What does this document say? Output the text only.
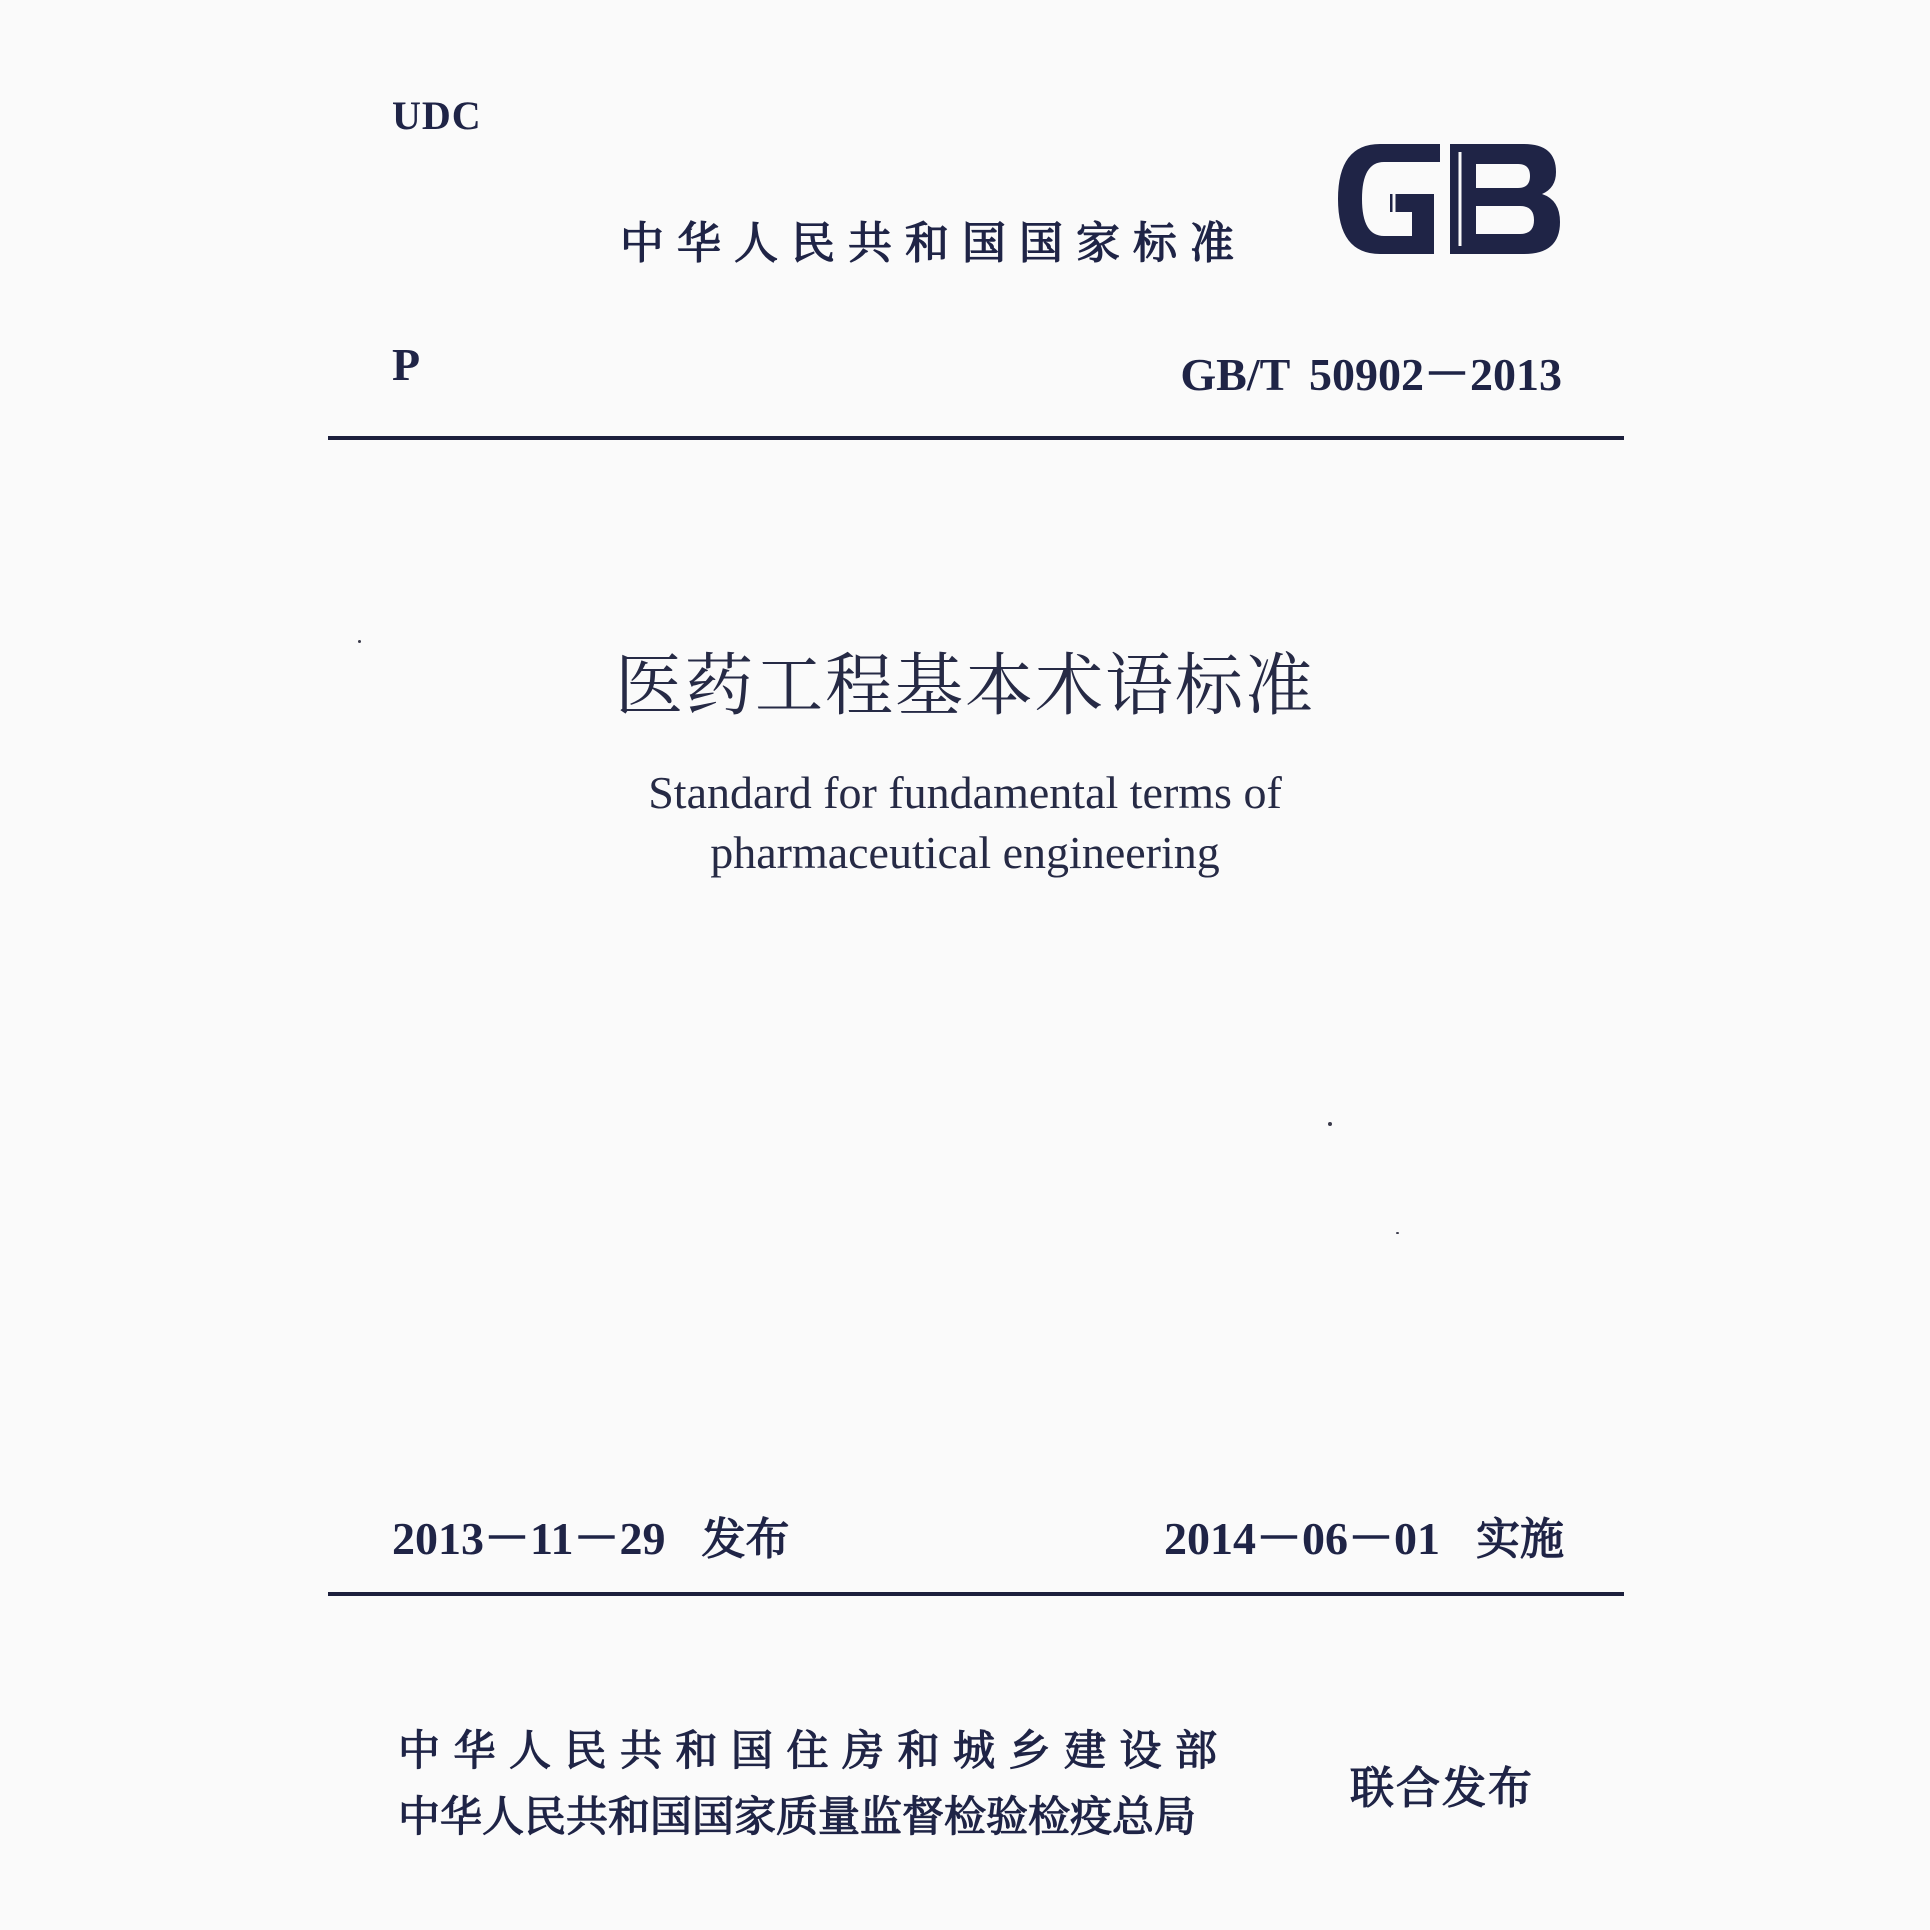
UDC
中华人民共和国国家标准
P	GB/T 50902－2013
医药工程基本术语标准
Standard for fundamental terms of
pharmaceutical engineering
2013－11－29 发布	2014－06－01 实施
中华人民共和国住房和城乡建设部
中华人民共和国国家质量监督检验检疫总局
联合发布
